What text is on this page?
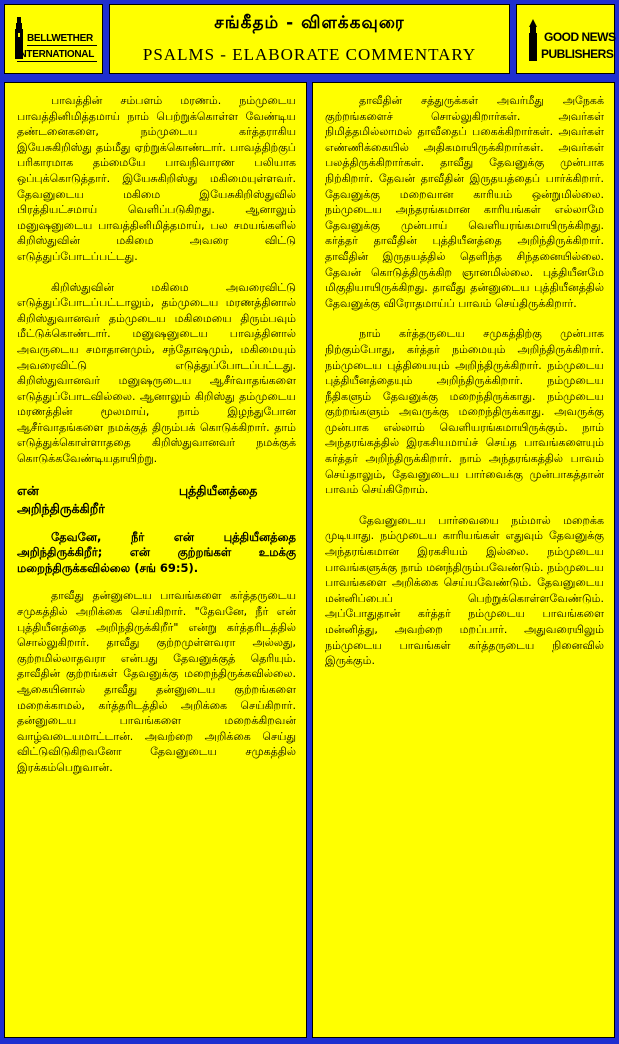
BELLWETHER
INTERNATIONAL
சங்கீதம் - விளக்கவுரை
PSALMS - ELABORATE COMMENTARY
GOOD NEWS
PUBLISHERS

பாவத்தின் சம்பளம் மரணம். நம்முடைய பாவத்தினிமித்தமாய் நாம் பெற்றுக்கொள்ள வேண்டிய தண்டனைகளை, நம்முடைய கர்த்தராகிய இயேசுகிறிஸ்து தம்மீது ஏற்றுக்கொண்டார். பாவத்திற்குப் பரிகாரமாக தம்மையே பாவநிவாரண பலியாக ஒப்புக்கொடுத்தார். இயேசுகிறிஸ்து மகிமையுள்ளவர். தேவனுடைய மகிமை இயேசுகிறிஸ்துவில் பிரத்தியட்சமாய் வெளிப்படுகிறது. ஆனாலும் மனுஷனுடைய பாவத்தினிமித்தமாய், பல சமயங்களில் கிறிஸ்துவின் மகிமை அவரை விட்டு எடுத்துப்போடப்பட்டது.

கிறிஸ்துவின் மகிமை அவரைவிட்டு எடுத்துப்போடப்பட்டாலும், தம்முடைய மரணத்தினால் கிறிஸ்துவானவர் தம்முடைய மகிமையை திரும்பவும் மீட்டுக்கொண்டார். மனுஷனுடைய பாவத்தினால் அவருடைய சமாதானமும், சந்தோஷமும், மகிமையும் அவரைவிட்டு எடுத்துப்போடப்பட்டது. கிறிஸ்துவானவர் மனுஷருடைய ஆசீர்வாதங்களை எடுத்துப்போடவில்லை. ஆனாலும் கிறிஸ்து தம்முடைய மரணத்தின் மூலமாய், நாம் இழந்துபோன ஆசீர்வாதங்களை நமக்குத் திரும்பக் கொடுக்கிறார். தாம் எடுத்துக்கொள்ளாததை கிறிஸ்துவானவர் நமக்குக் கொடுக்கவேண்டியதாயிற்று.

என்	புத்தியீனத்தை
அறிந்திருக்கிறீர்
தேவனே, நீர் என் புத்தியீனத்தை அறிந்திருக்கிறீர்; என் குற்றங்கள் உமக்கு மறைந்திருக்கவில்லை (சங் 69:5).

தாவீது தன்னுடைய பாவங்களை கர்த்தருடைய சமுகத்தில் அறிக்கை செய்கிறார். "தேவனே, நீர் என் புத்தியீனத்தை அறிந்திருக்கிறீர்" என்று கர்த்தரிடத்தில் சொல்லுகிறார். தாவீது குற்றமுள்ளவரா அல்லது, குற்றமில்லாதவரா என்பது தேவனுக்குத் தெரியும். தாவீதின் குற்றங்கள் தேவனுக்கு மறைந்திருக்கவில்லை. ஆகையினால் தாவீது தன்னுடைய குற்றங்களை மறைக்காமல், கர்த்தரிடத்தில் அறிக்கை செய்கிறார். தன்னுடைய பாவங்களை மறைக்கிறவன் வாழ்வடையமாட்டான். அவற்றை அறிக்கை செய்து விட்டுவிடுகிறவனோ தேவனுடைய சமுகத்தில் இரக்கம்பெறுவான்.

தாவீதின் சத்துருக்கள் அவர்மீது அநேகக் குற்றங்களைச் சொல்லுகிறார்கள். அவர்கள் நிமித்தமில்லாமல் தாவீதைப் பகைக்கிறார்கள். அவர்கள் எண்ணிக்கையில் அதிகமாயிருக்கிறார்கள். அவர்கள் பலத்திருக்கிறார்கள். தாவீது தேவனுக்கு முன்பாக நிற்கிறார். தேவன் தாவீதின் இருதயத்தைப் பார்க்கிறார். தேவனுக்கு மறைவான காரியம் ஒன்றுமில்லை. நம்முடைய அந்தரங்கமான காரியங்கள் எல்லாமே தேவனுக்கு முன்பாய் வெளியரங்கமாயிருக்கிறது. கர்த்தர் தாவீதின் புத்தியீனத்தை அறிந்திருக்கிறார். தாவீதின் இருதயத்தில் தெளிந்த சிந்தனையில்லை. தேவன் கொடுத்திருக்கிற ஞானமில்லை. புத்தியீனமே மிகுதியாயிருக்கிறது. தாவீது தன்னுடைய புத்தியீனத்தில் தேவனுக்கு விரோதமாய்ப் பாவம் செய்திருக்கிறார்.

நாம் கர்த்தருடைய சமுகத்திற்கு முன்பாக நிற்கும்போது, கர்த்தர் நம்மையும் அறிந்திருக்கிறார். நம்முடைய புத்தியையும் அறிந்திருக்கிறார். நம்முடைய புத்தியீனத்தையும் அறிந்திருக்கிறார். நம்முடைய நீதிகளும் தேவனுக்கு மறைந்திருக்காது. நம்முடைய குற்றங்களும் அவருக்கு மறைந்திருக்காது. அவருக்கு முன்பாக எல்லாம் வெளியரங்கமாயிருக்கும். நாம் அந்தரங்கத்தில் இரகசியமாய்ச் செய்த பாவங்களையும் கர்த்தர் அறிந்திருக்கிறார். நாம் அந்தரங்கத்தில் பாவம் செய்தாலும், தேவனுடைய பார்வைக்கு முன்பாகத்தான் பாவம் செய்கிறோம்.

தேவனுடைய பார்வையை நம்மால் மறைக்க முடியாது. நம்முடைய காரியங்கள் எதுவும் தேவனுக்கு அந்தரங்கமான இரகசியம் இல்லை. நம்முடைய பாவங்களுக்கு நாம் மனந்திரும்பவேண்டும். நம்முடைய பாவங்களை அறிக்கை செய்யவேண்டும். தேவனுடைய மன்னிப்பைப் பெற்றுக்கொள்ளவேண்டும். அப்போதுதான் கர்த்தர் நம்முடைய பாவங்களை மன்னித்து, அவற்றை மறப்பார். அதுவரையிலும் நம்முடைய பாவங்கள் கர்த்தருடைய நினைவில் இருக்கும்.
